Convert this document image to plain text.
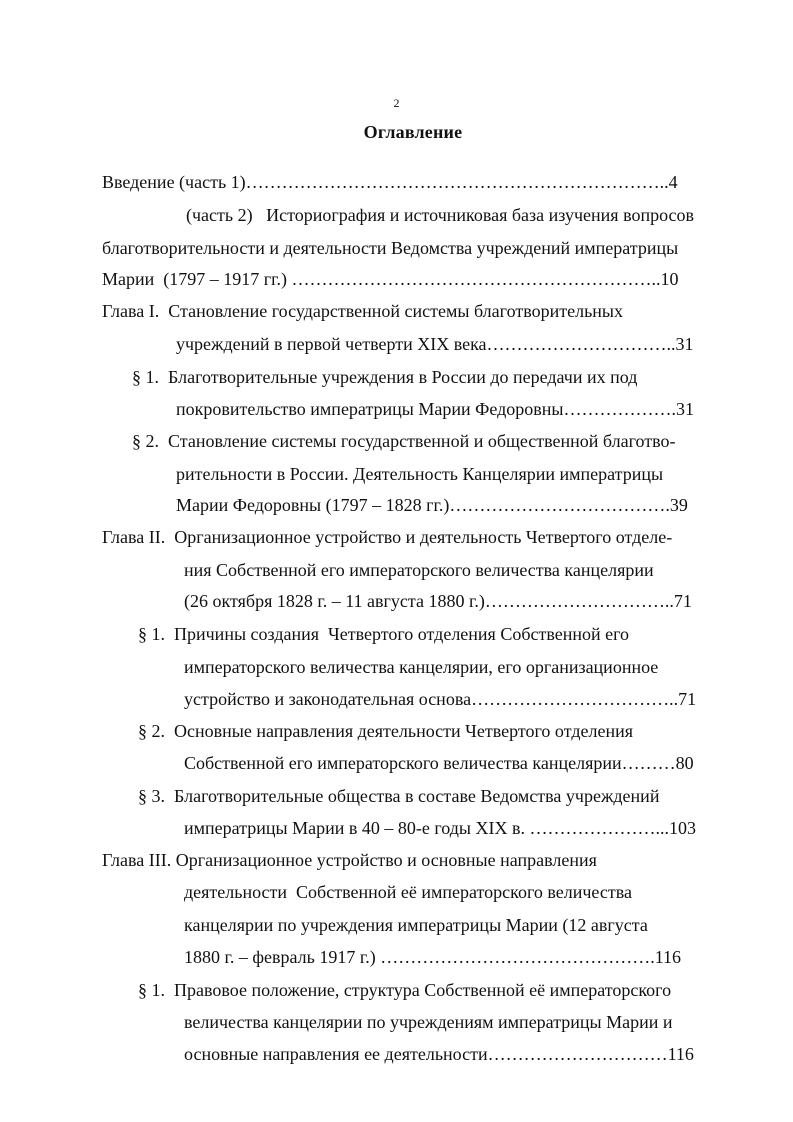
2
Оглавление
Введение (часть 1)……………………………………………………………..4
(часть 2)   Историография и источниковая база изучения вопросов
благотворительности и деятельности Ведомства учреждений императрицы
Марии  (1797 – 1917 гг.) ……………………………………………………..10
Глава I.  Становление государственной системы благотворительных
учреждений в первой четверти XIX века…………………………..31
§ 1.  Благотворительные учреждения в России до передачи их под
покровительство императрицы Марии Федоровны……………….31
§ 2.  Становление системы государственной и общественной благотво-
рительности в России. Деятельность Канцелярии императрицы
Марии Федоровны (1797 – 1828 гг.)……………………………….39
Глава II.  Организационное устройство и деятельность Четвертого отделе-
ния Собственной его императорского величества канцелярии
(26 октября 1828 г. – 11 августа 1880 г.)…………………………..71
§ 1.  Причины создания  Четвертого отделения Собственной его
императорского величества канцелярии, его организационное
устройство и законодательная основа……………………………..71
§ 2.  Основные направления деятельности Четвертого отделения
Собственной его императорского величества канцелярии………80
§ 3.  Благотворительные общества в составе Ведомства учреждений
императрицы Марии в 40 – 80-е годы XIX в. …………………...103
Глава III. Организационное устройство и основные направления
деятельности  Собственной её императорского величества
канцелярии по учреждения императрицы Марии (12 августа
1880 г. – февраль 1917 г.) ……………………………………….116
§ 1.  Правовое положение, структура Собственной её императорского
величества канцелярии по учреждениям императрицы Марии и
основные направления ее деятельности…………………………116
